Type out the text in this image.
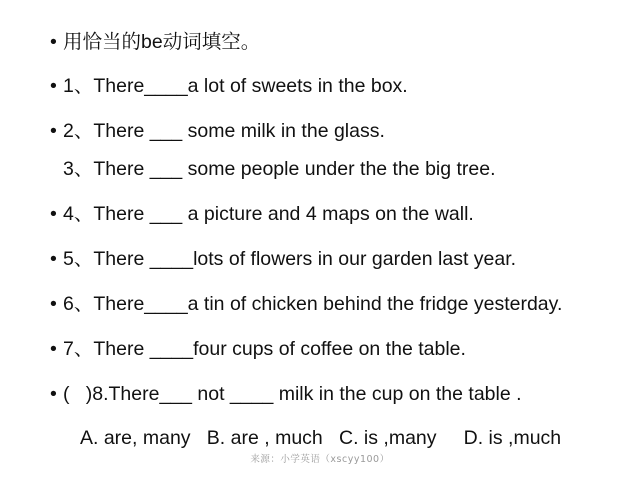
•

用恰当的be动词填空。

•

1、There____a lot of sweets in the box.

•

2、There ___ some milk in the glass.

3、There ___ some people under the the big tree.

•

4、There ___ a picture and 4 maps on the wall.

•

5、There ____lots of flowers in our garden last year.

•

6、There____a tin of chicken behind the fridge yesterday.

•

7、There ____four cups of coffee on the table.

•

(   )8.There___ not ____ milk in the cup on the table .

A. are, many   B. are , much   C. is ,many     D. is ,much
来源：小学英语（xscyy100）
